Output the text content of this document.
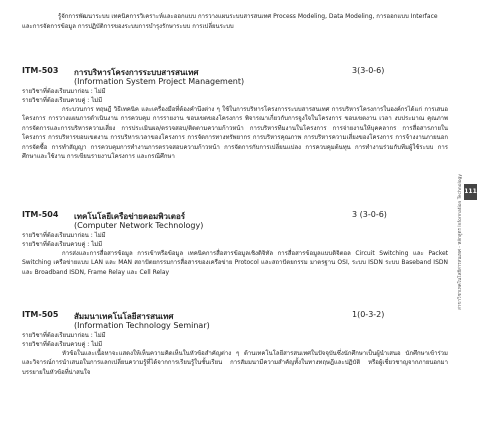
รู้จักการพัฒนาระบบ เทคนิคการวิเคราะห์และออกแบบ การวางแผนระบบสารสนเทศ Process Modeling, Data Modeling, การออกแบบ Interface และการจัดการข้อมูล การปฏิบัติการของระบบการบำรุงรักษาระบบ การเปลี่ยนระบบ
ITM-503 การบริหารโครงการระบบสารสนเทศ	3(3-0-6)
(Information System Project Management)
รายวิชาที่ต้องเรียนมาก่อน : ไม่มี
รายวิชาที่ต้องเรียนควบคู่ : ไม่มี
กระบวนการ ทฤษฎี วิธีเทคนิค และเครื่องมือที่ต้องคำนึงต่าง ๆ ใช้ในการบริหารโครงการระบบสารสนเทศ การบริหารโครงการในองค์กรได้แก่ การเสนอโครงการ การวางแผนการดำเนินงาน การควบคุม การรายงาน ขอบเขตของโครงการ พิจารณาเกี่ยวกับการจูงใจในโครงการ ขอบเขตงาน เวลา งบประมาณ คุณภาพ การจัดการและการบริหารความเสี่ยง การประเมินผล/ตรวจสอบ/ติดตามความก้าวหน้า การบริหารทีมงานในโครงการ การจ่ายงานให้บุคคลากร การสื่อสารภายในโครงการ การบริหารขอบเขตงาน การบริหารเวลาของโครงการ การจัดการทางทรัพยากร การบริหารคุณภาพ การบริหารความเสี่ยงของโครงการ การจ้างงานภายนอก การจัดซื้อ การทำสัญญา การควบคุมการทำงานการตรวจสอบความก้าวหน้า การจัดการกับการเปลี่ยนแปลง การควบคุมต้นทุน การทำงานร่วมกับทีมผู้ใช้ระบบ การศึกษาและใช้งาน การเขียนรายงานโครงการ และกรณีศึกษา
ITM-504 เทคโนโลยีเครือข่ายคอมพิวเตอร์	3 (3-0-6)
(Computer Network Technology)
รายวิชาที่ต้องเรียนมาก่อน : ไม่มี
รายวิชาที่ต้องเรียนควบคู่ : ไม่มี
การส่งและการสื่อสารข้อมูล การเข้าหรือข้อมูล เทคนิคการสื่อสารข้อมูลเชิงดิจิทัล การสื่อสารข้อมูลแบบดิจิตอล Circuit Switching และ Packet Switching เครือข่ายแบบ LAN และ MAN สถาปัตยกรรมการสื่อสารของเครือข่าย Protocol และสถาปัตยกรรม มาตรฐาน OSI, ระบบ ISDN ระบบ Baseband ISDN และ Broadband ISDN, Frame Relay และ Cell Relay
ITM-505 สัมมนาเทคโนโลยีสารสนเทศ	1(0-3-2)
(Information Technology Seminar)
รายวิชาที่ต้องเรียนมาก่อน : ไม่มี
รายวิชาที่ต้องเรียนควบคู่ : ไม่มี
หัวข้อในและเนื้อหาจะแสดงให้เห็นความคิดเห็นในหัวข้อสำคัญต่าง ๆ ด้านเทคโนโลยีสารสนเทศในปัจจุบันซึ่งนักศึกษาเป็นผู้นำเสนอ นักศึกษาเข้าร่วม และวิจารณ์การนำเสนอในการแลกเปลี่ยนความรู้ที่ได้จากการเรียนรู้ในชั้นเรียน การสัมมนามีความสำคัญทั้งในทางทฤษฎีและปฏิบัติ หรือผู้เชี่ยวชาญจากภายนอกมาบรรยายในหัวข้อที่น่าสนใจ
สาขาวิชาเทคโนโลยีสารสนเทศ - หลักสูตร Information Technology 111
